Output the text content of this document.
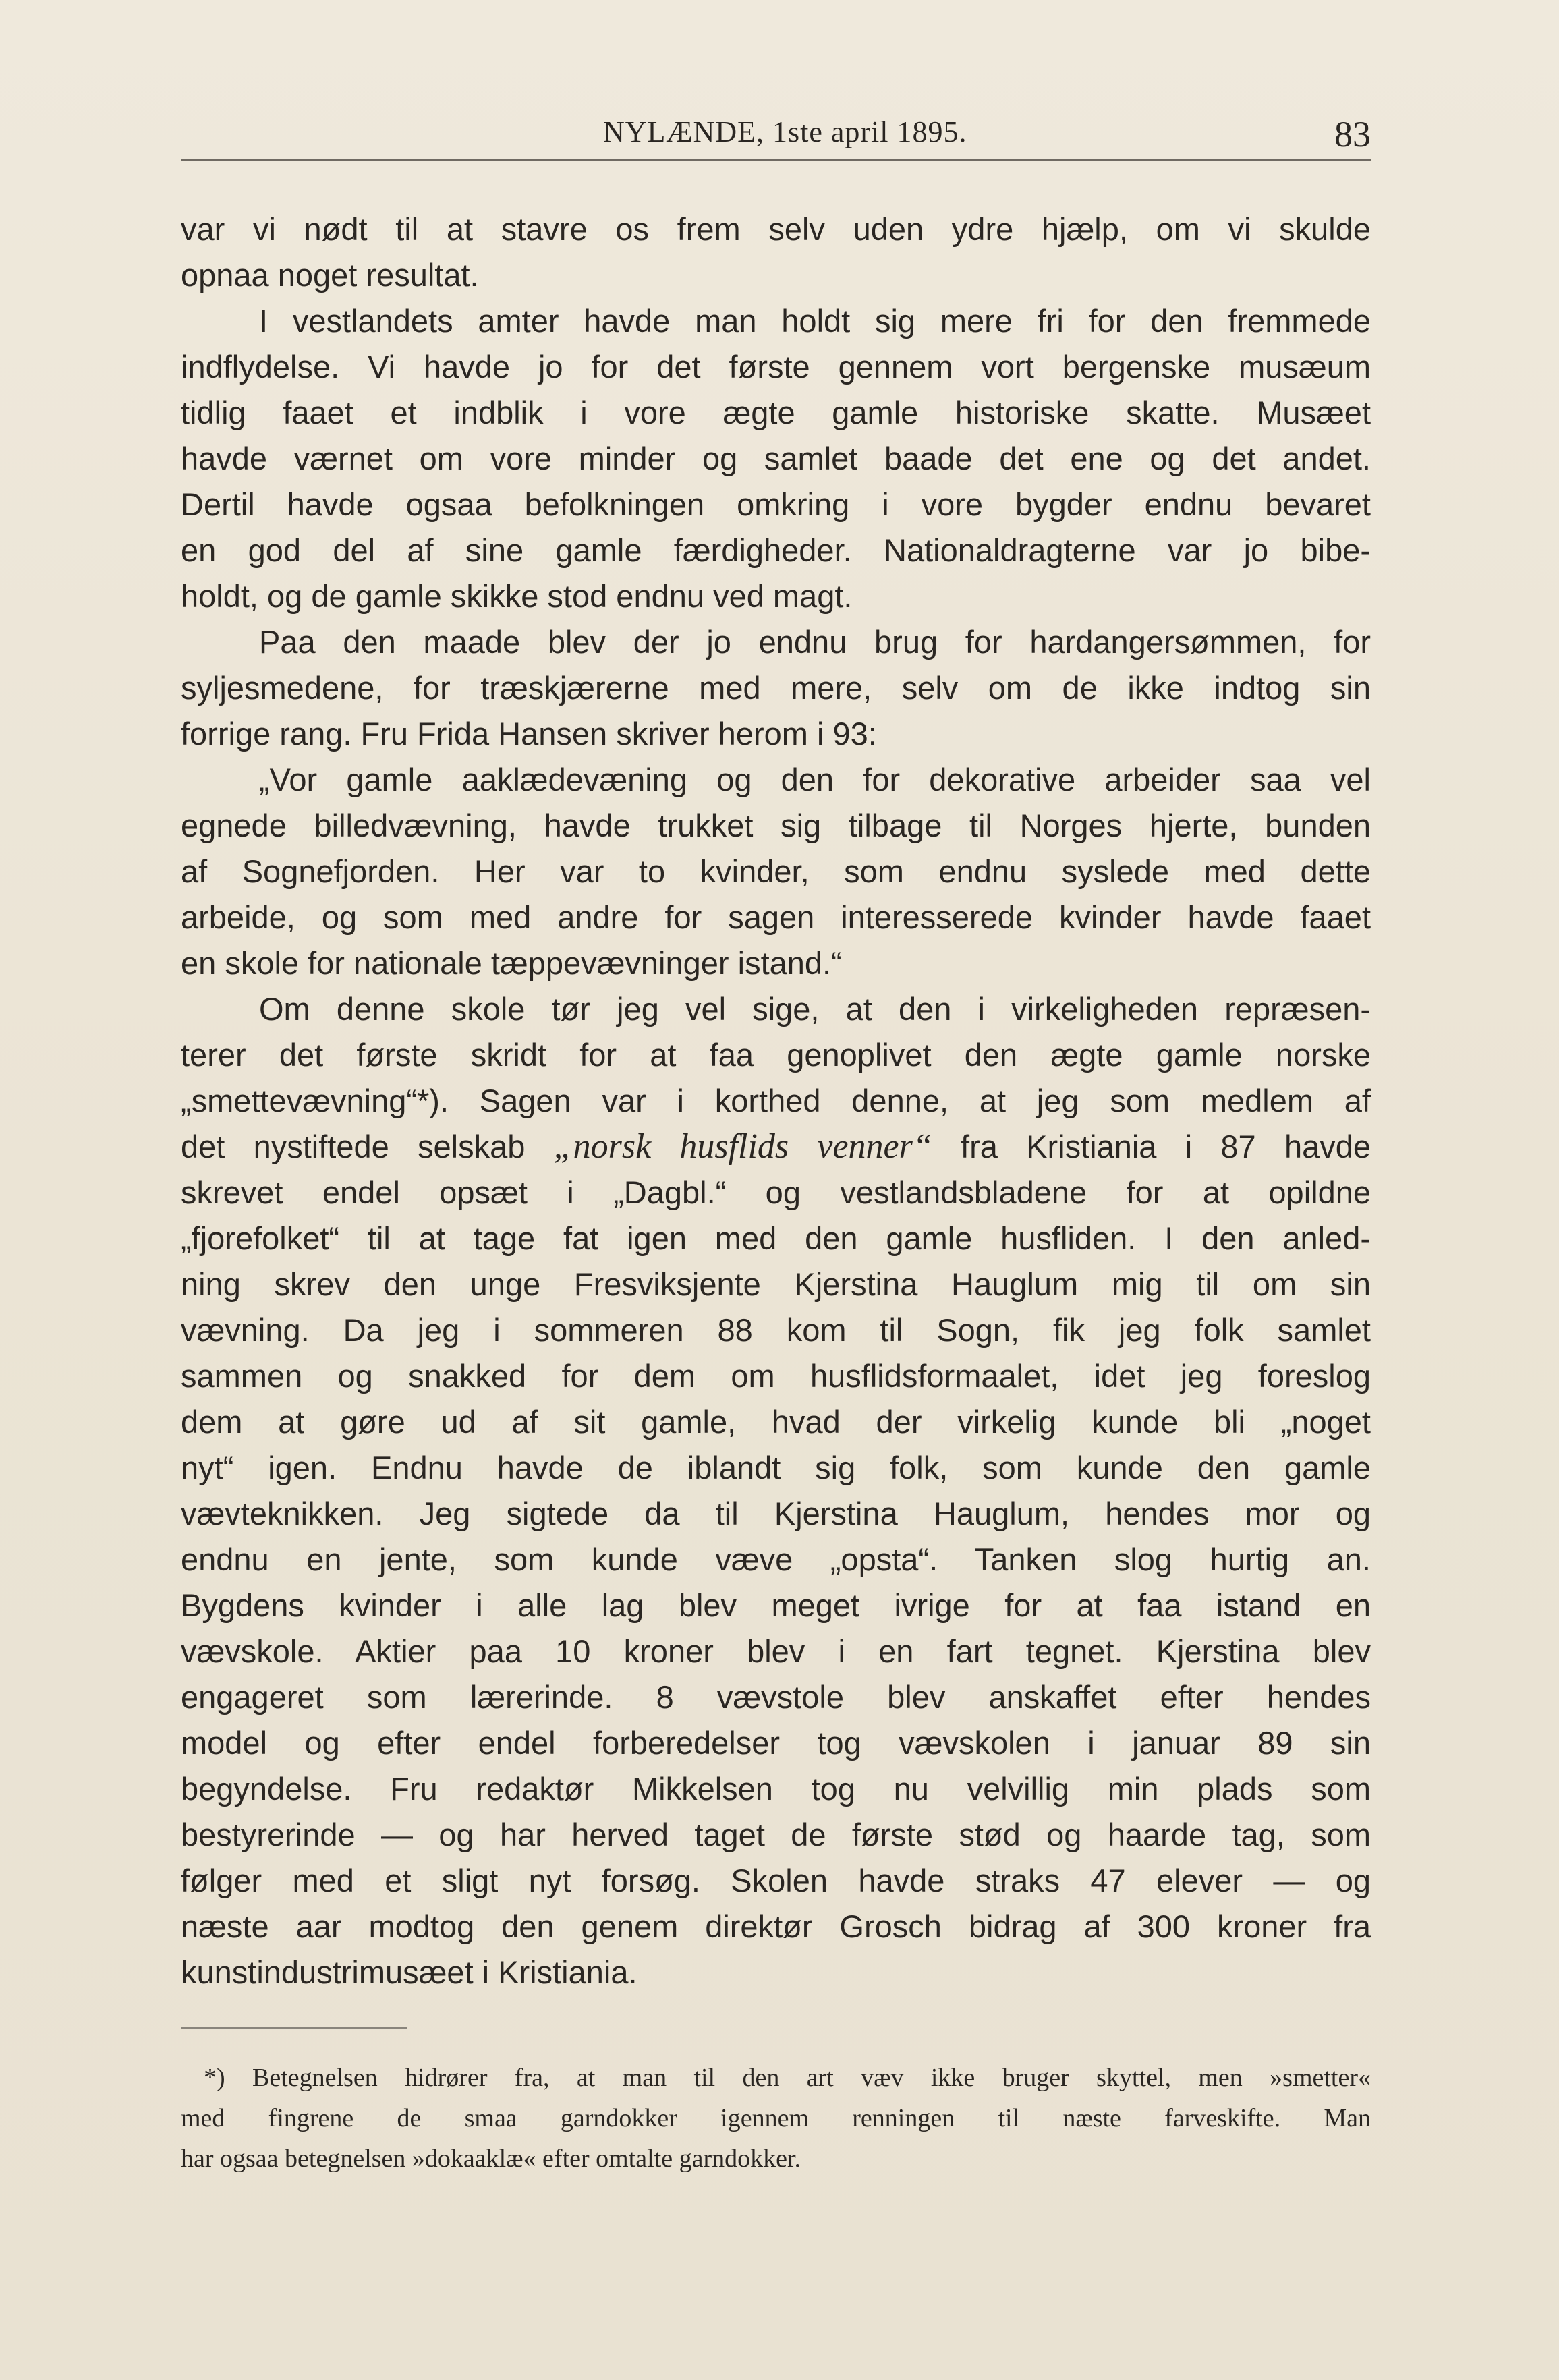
NYLÆNDE, 1ste april 1895.	83
var vi nødt til at stavre os frem selv uden ydre hjælp, om vi skulde
opnaa noget resultat.
I vestlandets amter havde man holdt sig mere fri for den fremmede
indflydelse. Vi havde jo for det første gennem vort bergenske musæum
tidlig faaet et indblik i vore ægte gamle historiske skatte. Musæet
havde værnet om vore minder og samlet baade det ene og det andet.
Dertil havde ogsaa befolkningen omkring i vore bygder endnu bevaret
en god del af sine gamle færdigheder. Nationaldragterne var jo bibe-
holdt, og de gamle skikke stod endnu ved magt.
Paa den maade blev der jo endnu brug for hardangersømmen, for
syljesmedene, for træskjærerne med mere, selv om de ikke indtog sin
forrige rang. Fru Frida Hansen skriver herom i 93:
„Vor gamle aaklædevæning og den for dekorative arbeider saa vel
egnede billedvævning, havde trukket sig tilbage til Norges hjerte, bunden
af Sognefjorden. Her var to kvinder, som endnu syslede med dette
arbeide, og som med andre for sagen interesserede kvinder havde faaet
en skole for nationale tæppevævninger istand.“
Om denne skole tør jeg vel sige, at den i virkeligheden repræsen-
terer det første skridt for at faa genoplivet den ægte gamle norske
„smettevævning“*). Sagen var i korthed denne, at jeg som medlem af
det nystiftede selskab „norsk husflids venner“ fra Kristiania i 87 havde
skrevet endel opsæt i „Dagbl.“ og vestlandsbladene for at opildne
„fjorefolket“ til at tage fat igen med den gamle husfliden. I den anled-
ning skrev den unge Fresviksjente Kjerstina Hauglum mig til om sin
vævning. Da jeg i sommeren 88 kom til Sogn, fik jeg folk samlet
sammen og snakked for dem om husflidsformaalet, idet jeg foreslog
dem at gøre ud af sit gamle, hvad der virkelig kunde bli „noget
nyt“ igen. Endnu havde de iblandt sig folk, som kunde den gamle
vævteknikken. Jeg sigtede da til Kjerstina Hauglum, hendes mor og
endnu en jente, som kunde væve „opsta“. Tanken slog hurtig an.
Bygdens kvinder i alle lag blev meget ivrige for at faa istand en
vævskole. Aktier paa 10 kroner blev i en fart tegnet. Kjerstina blev
engageret som lærerinde. 8 vævstole blev anskaffet efter hendes
model og efter endel forberedelser tog vævskolen i januar 89 sin
begyndelse. Fru redaktør Mikkelsen tog nu velvillig min plads som
bestyrerinde — og har herved taget de første stød og haarde tag, som
følger med et sligt nyt forsøg. Skolen havde straks 47 elever — og
næste aar modtog den genem direktør Grosch bidrag af 300 kroner fra
kunstindustrimusæet i Kristiania.
*) Betegnelsen hidrører fra, at man til den art væv ikke bruger skyttel, men »smetter«
med fingrene de smaa garndokker igennem renningen til næste farveskifte. Man
har ogsaa betegnelsen »dokaaklæ« efter omtalte garndokker.
